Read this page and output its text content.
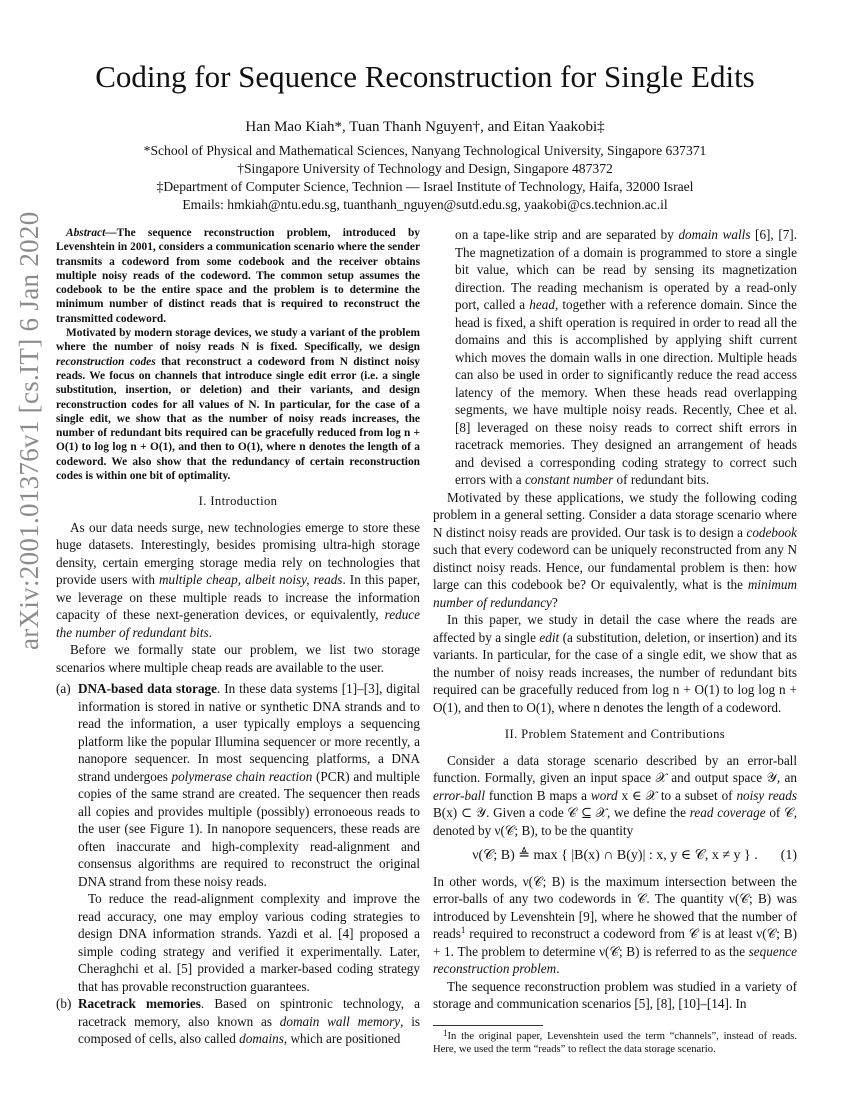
Coding for Sequence Reconstruction for Single Edits
Han Mao Kiah*, Tuan Thanh Nguyen†, and Eitan Yaakobi‡
*School of Physical and Mathematical Sciences, Nanyang Technological University, Singapore 637371
†Singapore University of Technology and Design, Singapore 487372
‡Department of Computer Science, Technion — Israel Institute of Technology, Haifa, 32000 Israel
Emails: hmkiah@ntu.edu.sg, tuanthanh_nguyen@sutd.edu.sg, yaakobi@cs.technion.ac.il
arXiv:2001.01376v1 [cs.IT] 6 Jan 2020	Abstract—The sequence reconstruction problem, introduced by Levenshtein in 2001, considers a communication scenario where the sender transmits a codeword from some codebook and the receiver obtains multiple noisy reads of the codeword. The common setup assumes the codebook to be the entire space and the problem is to determine the minimum number of distinct reads that is required to reconstruct the transmitted codeword.

Motivated by modern storage devices, we study a variant of the problem where the number of noisy reads N is fixed. Specifically, we design reconstruction codes that reconstruct a codeword from N distinct noisy reads. We focus on channels that introduce single edit error (i.e. a single substitution, insertion, or deletion) and their variants, and design reconstruction codes for all values of N. In particular, for the case of a single edit, we show that as the number of noisy reads increases, the number of redundant bits required can be gracefully reduced from log n + O(1) to log log n + O(1), and then to O(1), where n denotes the length of a codeword. We also show that the redundancy of certain reconstruction codes is within one bit of optimality.

I. Introduction

As our data needs surge, new technologies emerge to store these huge datasets. Interestingly, besides promising ultra-high storage density, certain emerging storage media rely on technologies that provide users with multiple cheap, albeit noisy, reads. In this paper, we leverage on these multiple reads to increase the information capacity of these next-generation devices, or equivalently, reduce the number of redundant bits.

Before we formally state our problem, we list two storage scenarios where multiple cheap reads are available to the user.

(a) DNA-based data storage. In these data systems [1]–[3], digital information is stored in native or synthetic DNA strands and to read the information, a user typically employs a sequencing platform like the popular Illumina sequencer or more recently, a nanopore sequencer. In most sequencing platforms, a DNA strand undergoes polymerase chain reaction (PCR) and multiple copies of the same strand are created. The sequencer then reads all copies and provides multiple (possibly) erronoeous reads to the user (see Figure 1). In nanopore sequencers, these reads are often inaccurate and high-complexity read-alignment and consensus algorithms are required to reconstruct the original DNA strand from these noisy reads.

To reduce the read-alignment complexity and improve the read accuracy, one may employ various coding strategies to design DNA information strands. Yazdi et al. [4] proposed a simple coding strategy and verified it experimentally. Later, Cheraghchi et al. [5] provided a marker-based coding strategy that has provable reconstruction guarantees.

(b) Racetrack memories. Based on spintronic technology, a racetrack memory, also known as domain wall memory, is composed of cells, also called domains, which are positioned

on a tape-like strip and are separated by domain walls [6], [7]. The magnetization of a domain is programmed to store a single bit value, which can be read by sensing its magnetization direction. The reading mechanism is operated by a read-only port, called a head, together with a reference domain. Since the head is fixed, a shift operation is required in order to read all the domains and this is accomplished by applying shift current which moves the domain walls in one direction. Multiple heads can also be used in order to significantly reduce the read access latency of the memory. When these heads read overlapping segments, we have multiple noisy reads. Recently, Chee et al. [8] leveraged on these noisy reads to correct shift errors in racetrack memories. They designed an arrangement of heads and devised a corresponding coding strategy to correct such errors with a constant number of redundant bits.

Motivated by these applications, we study the following coding problem in a general setting. Consider a data storage scenario where N distinct noisy reads are provided. Our task is to design a codebook such that every codeword can be uniquely reconstructed from any N distinct noisy reads. Hence, our fundamental problem is then: how large can this codebook be? Or equivalently, what is the minimum number of redundancy?

In this paper, we study in detail the case where the reads are affected by a single edit (a substitution, deletion, or insertion) and its variants. In particular, for the case of a single edit, we show that as the number of noisy reads increases, the number of redundant bits required can be gracefully reduced from log n + O(1) to log log n + O(1), and then to O(1), where n denotes the length of a codeword.

II. Problem Statement and Contributions

Consider a data storage scenario described by an error-ball function. Formally, given an input space 𝒳 and output space 𝒴, an error-ball function B maps a word x ∈ 𝒳 to a subset of noisy reads B(x) ⊂ 𝒴. Given a code 𝒞 ⊆ 𝒳, we define the read coverage of 𝒞, denoted by ν(𝒞; B), to be the quantity

ν(𝒞; B) ≜ max { |B(x) ∩ B(y)| : x, y ∈ 𝒞, x ≠ y } . (1)

In other words, ν(𝒞; B) is the maximum intersection between the error-balls of any two codewords in 𝒞. The quantity ν(𝒞; B) was introduced by Levenshtein [9], where he showed that the number of reads$^1$ required to reconstruct a codeword from 𝒞 is at least ν(𝒞; B) + 1. The problem to determine ν(𝒞; B) is referred to as the sequence reconstruction problem.

The sequence reconstruction problem was studied in a variety of storage and communication scenarios [5], [8], [10]–[14]. In

$^1$In the original paper, Levenshtein used the term “channels”, instead of reads. Here, we used the term “reads” to reflect the data storage scenario.
